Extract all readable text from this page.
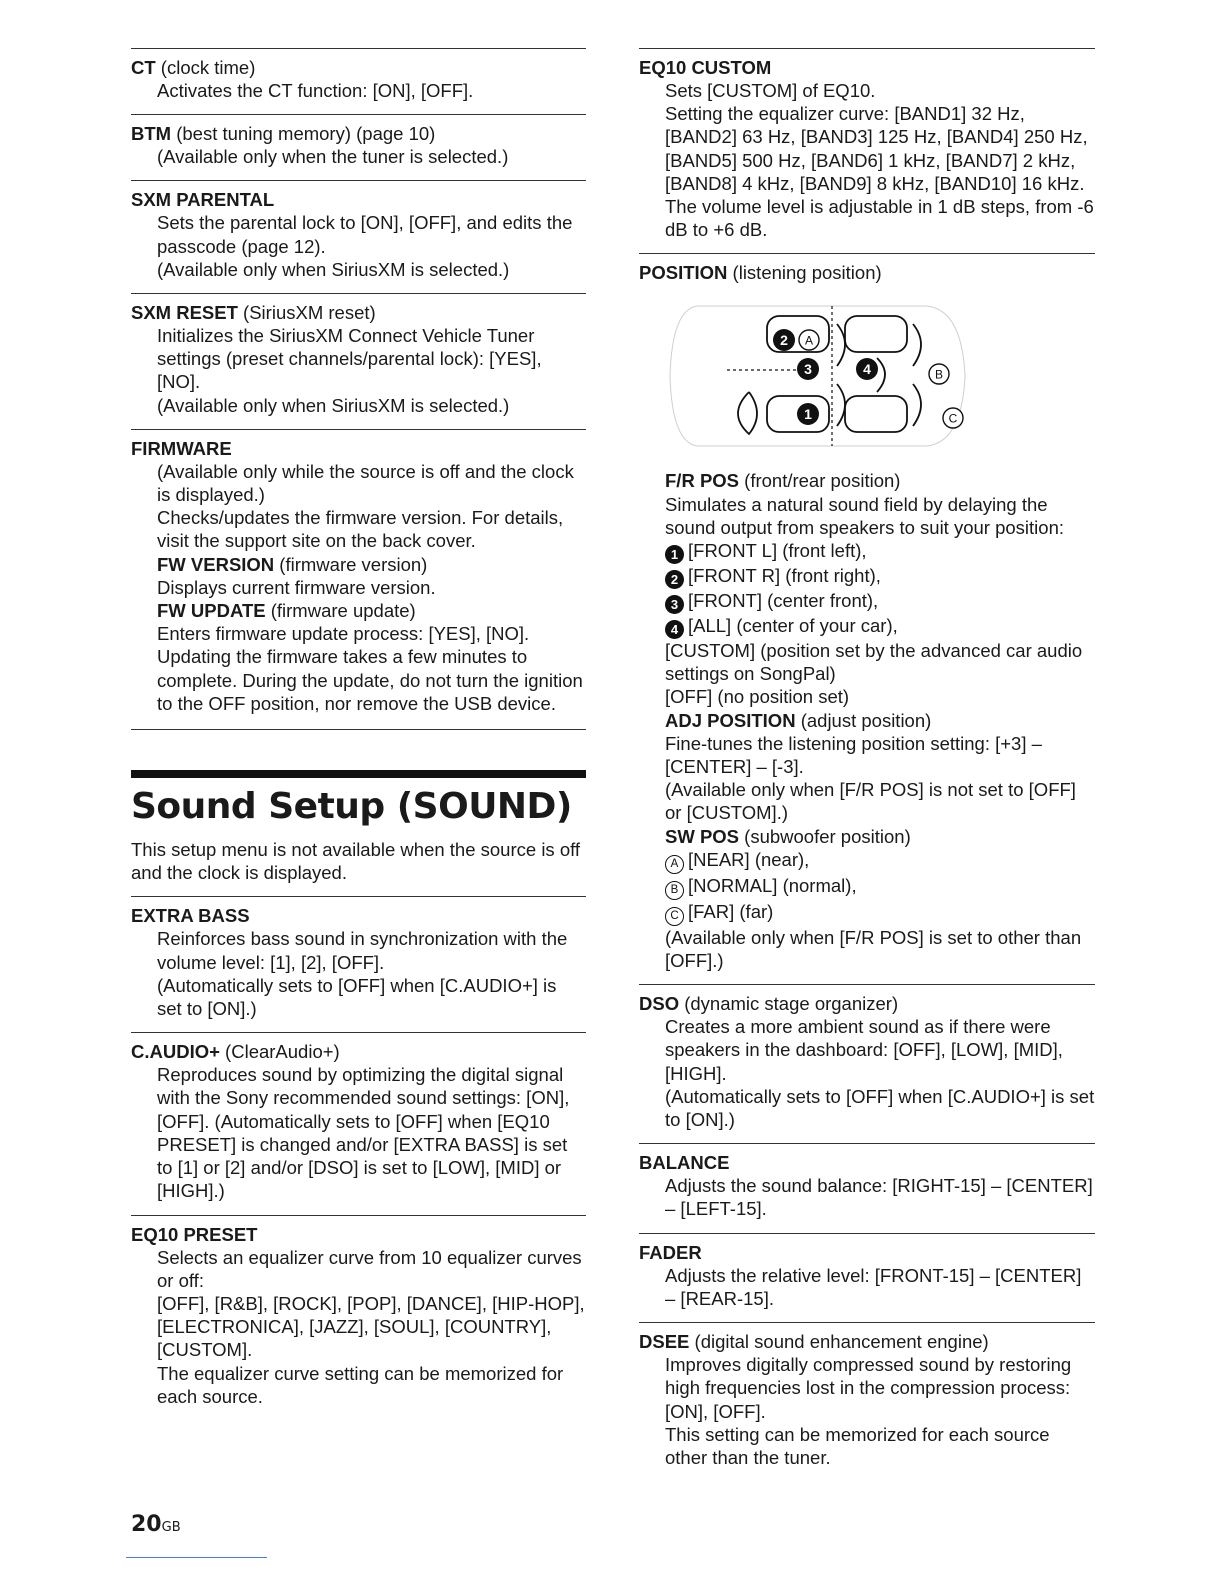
CT (clock time)

Activates the CT function: [ON], [OFF].

BTM (best tuning memory) (page 10)

(Available only when the tuner is selected.)

SXM PARENTAL

Sets the parental lock to [ON], [OFF], and edits the passcode (page 12).

(Available only when SiriusXM is selected.)

SXM RESET (SiriusXM reset)

Initializes the SiriusXM Connect Vehicle Tuner settings (preset channels/parental lock): [YES], [NO].

(Available only when SiriusXM is selected.)

FIRMWARE

(Available only while the source is off and the clock is displayed.)

Checks/updates the firmware version. For details, visit the support site on the back cover.

FW VERSION (firmware version)

Displays current firmware version.

FW UPDATE (firmware update)

Enters firmware update process: [YES], [NO]. Updating the firmware takes a few minutes to complete. During the update, do not turn the ignition to the OFF position, nor remove the USB device.

Sound Setup (SOUND)
This setup menu is not available when the source is off and the clock is displayed.
EXTRA BASS

Reinforces bass sound in synchronization with the volume level: [1], [2], [OFF].

(Automatically sets to [OFF] when [C.AUDIO+] is set to [ON].)

C.AUDIO+ (ClearAudio+)

Reproduces sound by optimizing the digital signal with the Sony recommended sound settings: [ON], [OFF]. (Automatically sets to [OFF] when [EQ10 PRESET] is changed and/or [EXTRA BASS] is set to [1] or [2] and/or [DSO] is set to [LOW], [MID] or [HIGH].)

EQ10 PRESET

Selects an equalizer curve from 10 equalizer curves or off:

[OFF], [R&B], [ROCK], [POP], [DANCE], [HIP-HOP], [ELECTRONICA], [JAZZ], [SOUL], [COUNTRY], [CUSTOM].

The equalizer curve setting can be memorized for each source.

EQ10 CUSTOM

Sets [CUSTOM] of EQ10.

Setting the equalizer curve: [BAND1] 32 Hz, [BAND2] 63 Hz, [BAND3] 125 Hz, [BAND4] 250 Hz, [BAND5] 500 Hz, [BAND6] 1 kHz, [BAND7] 2 kHz, [BAND8] 4 kHz, [BAND9] 8 kHz, [BAND10] 16 kHz.

The volume level is adjustable in 1 dB steps, from -6 dB to +6 dB.

POSITION (listening position)
2
3	4
1
A
B
C

F/R POS (front/rear position)

Simulates a natural sound field by delaying the sound output from speakers to suit your position:

1 [FRONT L] (front left),

2 [FRONT R] (front right),

3 [FRONT] (center front),

4 [ALL] (center of your car),

[CUSTOM] (position set by the advanced car audio settings on SongPal)

[OFF] (no position set)

ADJ POSITION (adjust position)

Fine-tunes the listening position setting: [+3] – [CENTER] – [-3].

(Available only when [F/R POS] is not set to [OFF] or [CUSTOM].)

SW POS (subwoofer position)

A [NEAR] (near),

B [NORMAL] (normal),

C [FAR] (far)

(Available only when [F/R POS] is set to other than [OFF].)

DSO (dynamic stage organizer)

Creates a more ambient sound as if there were speakers in the dashboard: [OFF], [LOW], [MID], [HIGH].

(Automatically sets to [OFF] when [C.AUDIO+] is set to [ON].)

BALANCE

Adjusts the sound balance: [RIGHT-15] – [CENTER] – [LEFT-15].

FADER

Adjusts the relative level: [FRONT-15] – [CENTER] – [REAR-15].

DSEE (digital sound enhancement engine)

Improves digitally compressed sound by restoring high frequencies lost in the compression process: [ON], [OFF].

This setting can be memorized for each source other than the tuner.

20GB
